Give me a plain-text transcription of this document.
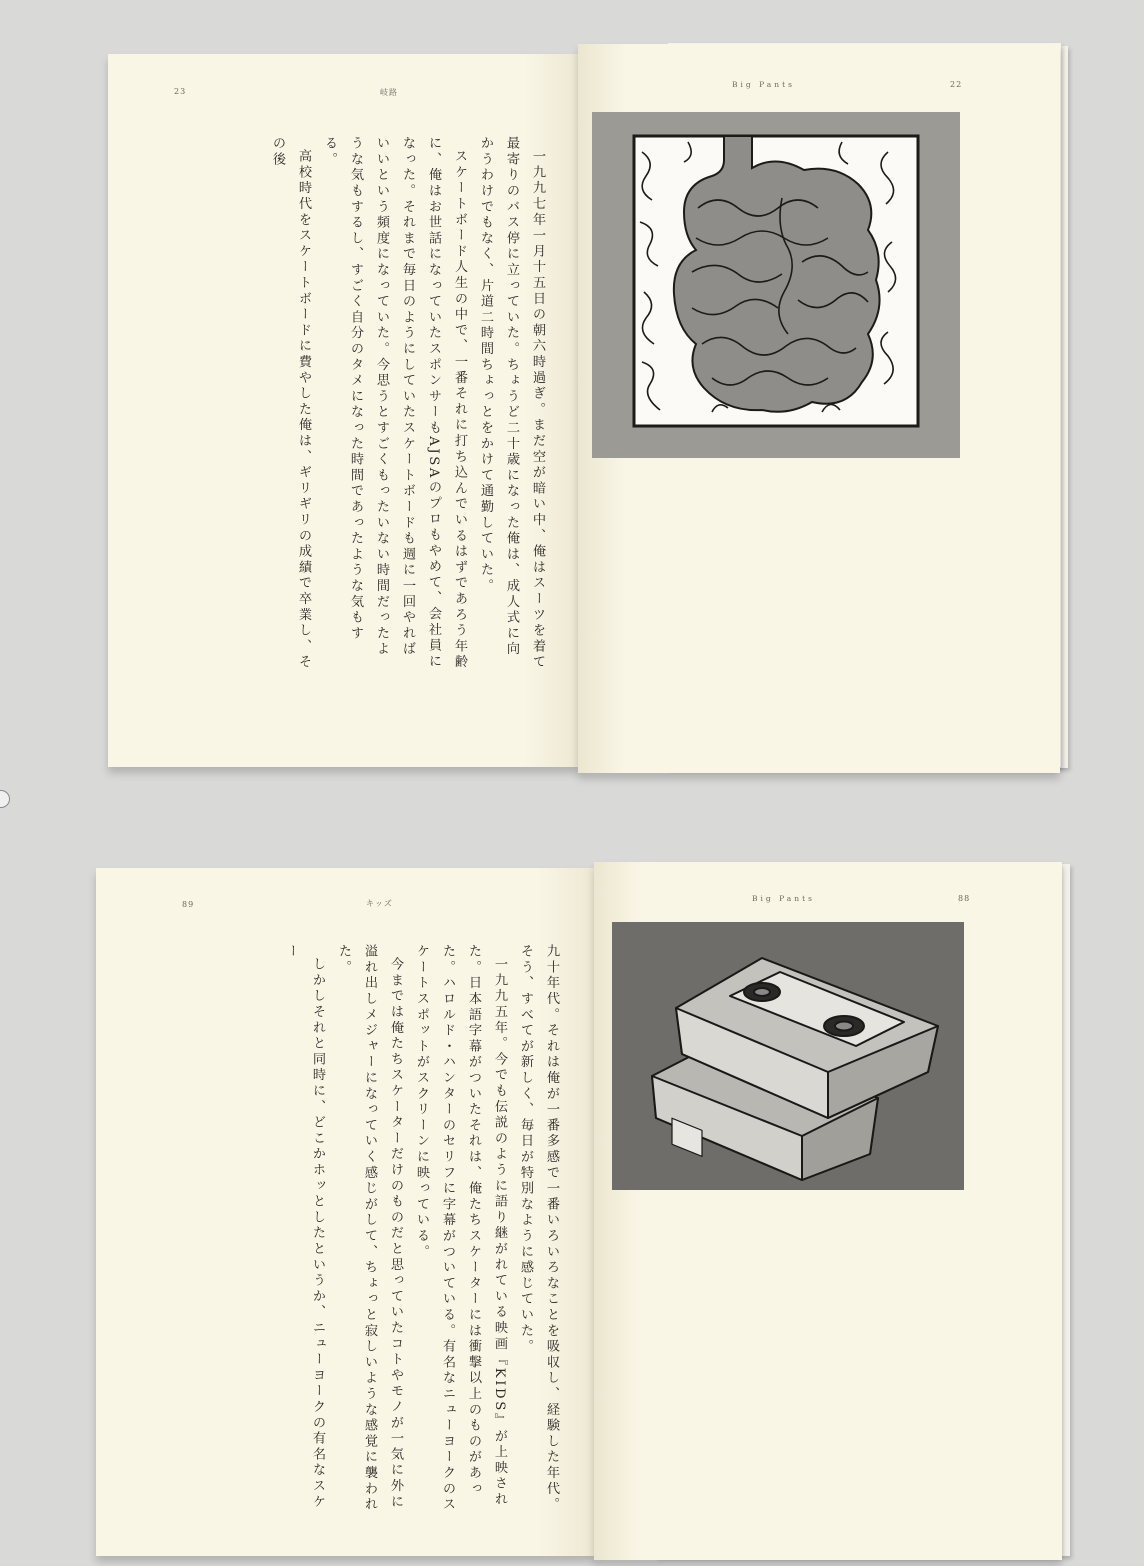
23	岐路

一九九七年一月十五日の朝六時過ぎ。まだ空が暗い中、俺はスーツを着て最寄りのバス停に立っていた。ちょうど二十歳になった俺は、成人式に向かうわけでもなく、片道二時間ちょっとをかけて通勤していた。

スケートボード人生の中で、一番それに打ち込んでいるはずであろう年齢に、俺はお世話になっていたスポンサーもAJSAのプロもやめて、会社員になった。それまで毎日のようにしていたスケートボードも週に一回やればいいという頻度になっていた。今思うとすごくもったいない時間だったような気もするし、すごく自分のタメになった時間であったような気もする。

高校時代をスケートボードに費やした俺は、ギリギリの成績で卒業し、その後

Big Pants	22
89	キッズ

九十年代。それは俺が一番多感で一番いろいろなことを吸収し、経験した年代。そう、すべてが新しく、毎日が特別なように感じていた。

一九九五年。今でも伝説のように語り継がれている映画『KIDS』が上映された。日本語字幕がついたそれは、俺たちスケーターには衝撃以上のものがあった。ハロルド・ハンターのセリフに字幕がついている。有名なニューヨークのスケートスポットがスクリーンに映っている。

今までは俺たちスケーターだけのものだと思っていたコトやモノが一気に外に溢れ出しメジャーになっていく感じがして、ちょっと寂しいような感覚に襲われた。

しかしそれと同時に、どこかホッとしたというか、ニューヨークの有名なスケー

Big Pants	88
